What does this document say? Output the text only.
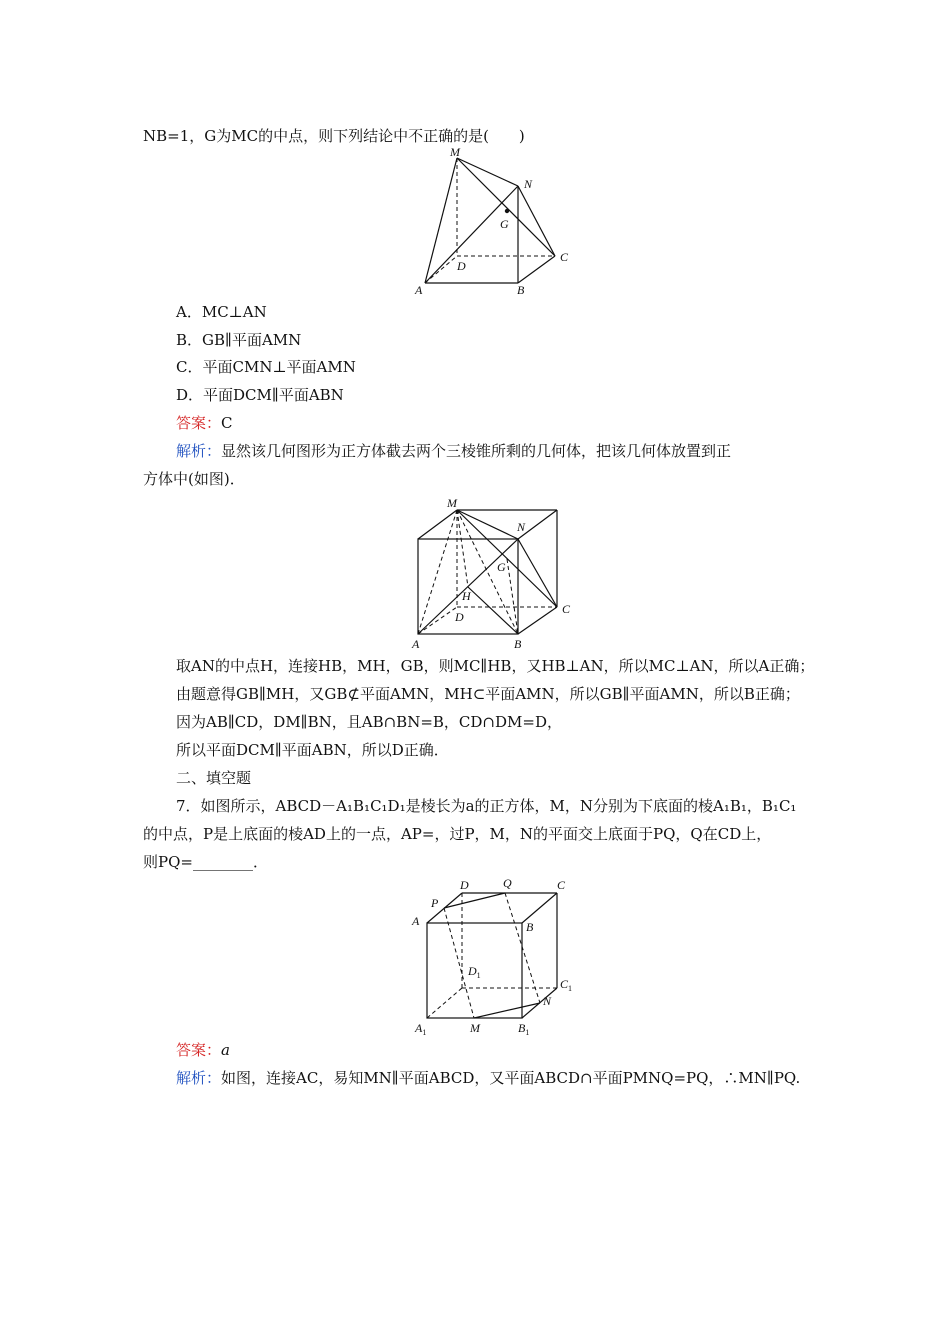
NB=1，G为MC的中点，则下列结论中不正确的是(　　)
M
N
G
D
C
A	B
A．MC⊥AN
B．GB∥平面AMN
C．平面CMN⊥平面AMN
D．平面DCM∥平面ABN
答案：C
解析：显然该几何图形为正方体截去两个三棱锥所剩的几何体，把该几何体放置到正
方体中(如图)．
M
N
G
H
D
C
A	B
取AN的中点H，连接HB，MH，GB，则MC∥HB，又HB⊥AN，所以MC⊥AN，所以A正确；
由题意得GB∥MH，又GB⊄平面AMN，MH⊂平面AMN，所以GB∥平面AMN，所以B正确；
因为AB∥CD，DM∥BN，且AB∩BN=B，CD∩DM=D，
所以平面DCM∥平面ABN，所以D正确．
二、填空题
7．如图所示，ABCD－A₁B₁C₁D₁是棱长为a的正方体，M，N分别为下底面的棱A₁B₁，B₁C₁
的中点，P是上底面的棱AD上的一点，AP=，过P，M，N的平面交上底面于PQ，Q在CD上，
则PQ=________．
D	Q	C
P
A	B
$D_1$
$C_1$
N
$A_1$	M	$B_1$
答案：a
解析：如图，连接AC，易知MN∥平面ABCD，又平面ABCD∩平面PMNQ=PQ，∴MN∥PQ.
